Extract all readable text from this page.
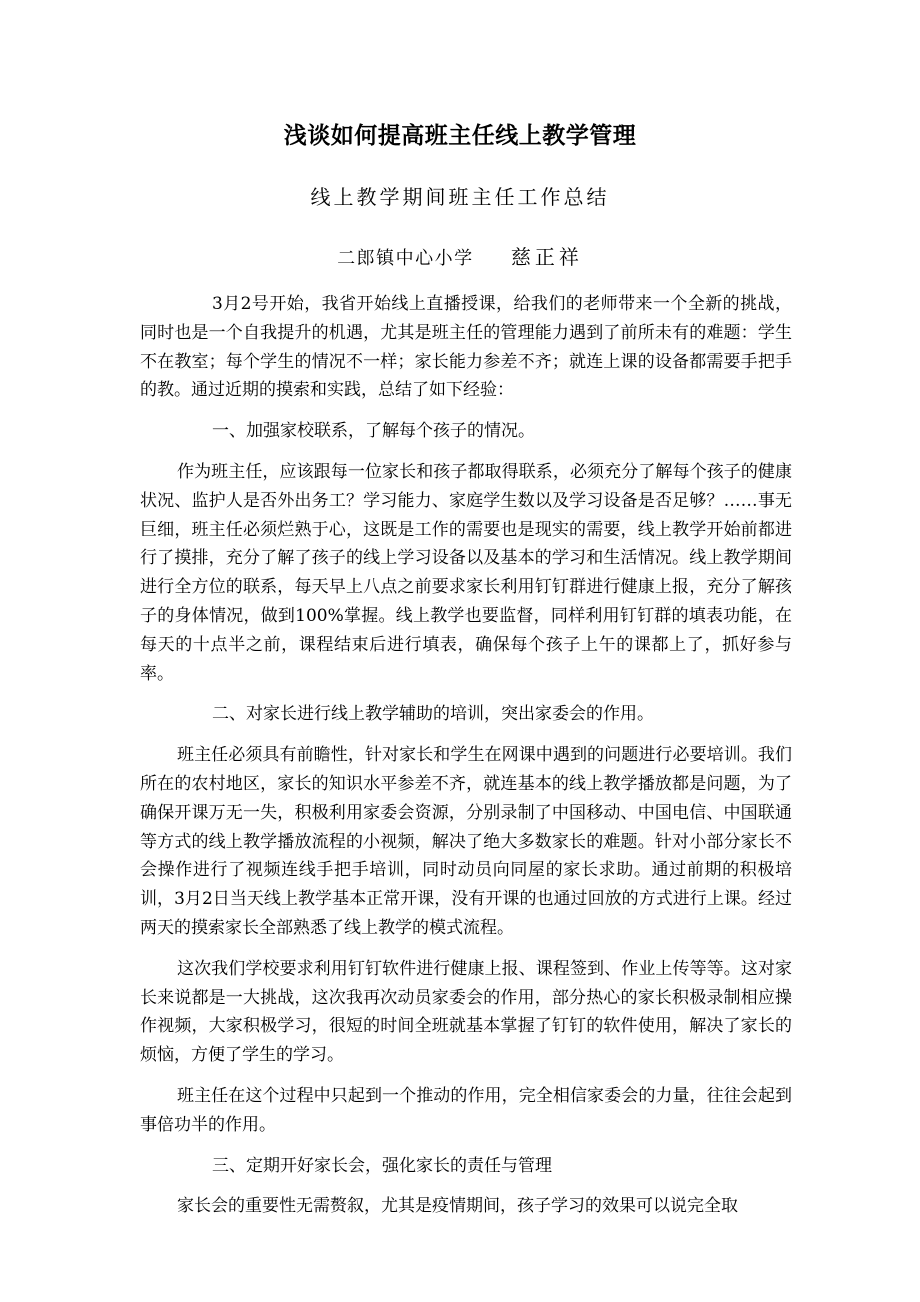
浅谈如何提高班主任线上教学管理
线上教学期间班主任工作总结
二郎镇中心小学 慈正祥

3月2号开始，我省开始线上直播授课，给我们的老师带来一个全新的挑战，同时也是一个自我提升的机遇，尤其是班主任的管理能力遇到了前所未有的难题：学生不在教室；每个学生的情况不一样；家长能力参差不齐；就连上课的设备都需要手把手的教。通过近期的摸索和实践，总结了如下经验：

一、加强家校联系，了解每个孩子的情况。

作为班主任，应该跟每一位家长和孩子都取得联系，必须充分了解每个孩子的健康状况、监护人是否外出务工？学习能力、家庭学生数以及学习设备是否足够？……事无巨细，班主任必须烂熟于心，这既是工作的需要也是现实的需要，线上教学开始前都进行了摸排，充分了解了孩子的线上学习设备以及基本的学习和生活情况。线上教学期间进行全方位的联系，每天早上八点之前要求家长利用钉钉群进行健康上报，充分了解孩子的身体情况，做到100%掌握。线上教学也要监督，同样利用钉钉群的填表功能，在每天的十点半之前，课程结束后进行填表，确保每个孩子上午的课都上了，抓好参与率。

二、对家长进行线上教学辅助的培训，突出家委会的作用。

班主任必须具有前瞻性，针对家长和学生在网课中遇到的问题进行必要培训。我们所在的农村地区，家长的知识水平参差不齐，就连基本的线上教学播放都是问题，为了确保开课万无一失，积极利用家委会资源，分别录制了中国移动、中国电信、中国联通等方式的线上教学播放流程的小视频，解决了绝大多数家长的难题。针对小部分家长不会操作进行了视频连线手把手培训，同时动员向同屋的家长求助。通过前期的积极培训，3月2日当天线上教学基本正常开课，没有开课的也通过回放的方式进行上课。经过两天的摸索家长全部熟悉了线上教学的模式流程。

这次我们学校要求利用钉钉软件进行健康上报、课程签到、作业上传等等。这对家长来说都是一大挑战，这次我再次动员家委会的作用，部分热心的家长积极录制相应操作视频，大家积极学习，很短的时间全班就基本掌握了钉钉的软件使用，解决了家长的烦恼，方便了学生的学习。

班主任在这个过程中只起到一个推动的作用，完全相信家委会的力量，往往会起到事倍功半的作用。

三、定期开好家长会，强化家长的责任与管理

家长会的重要性无需赘叙，尤其是疫情期间，孩子学习的效果可以说完全取
